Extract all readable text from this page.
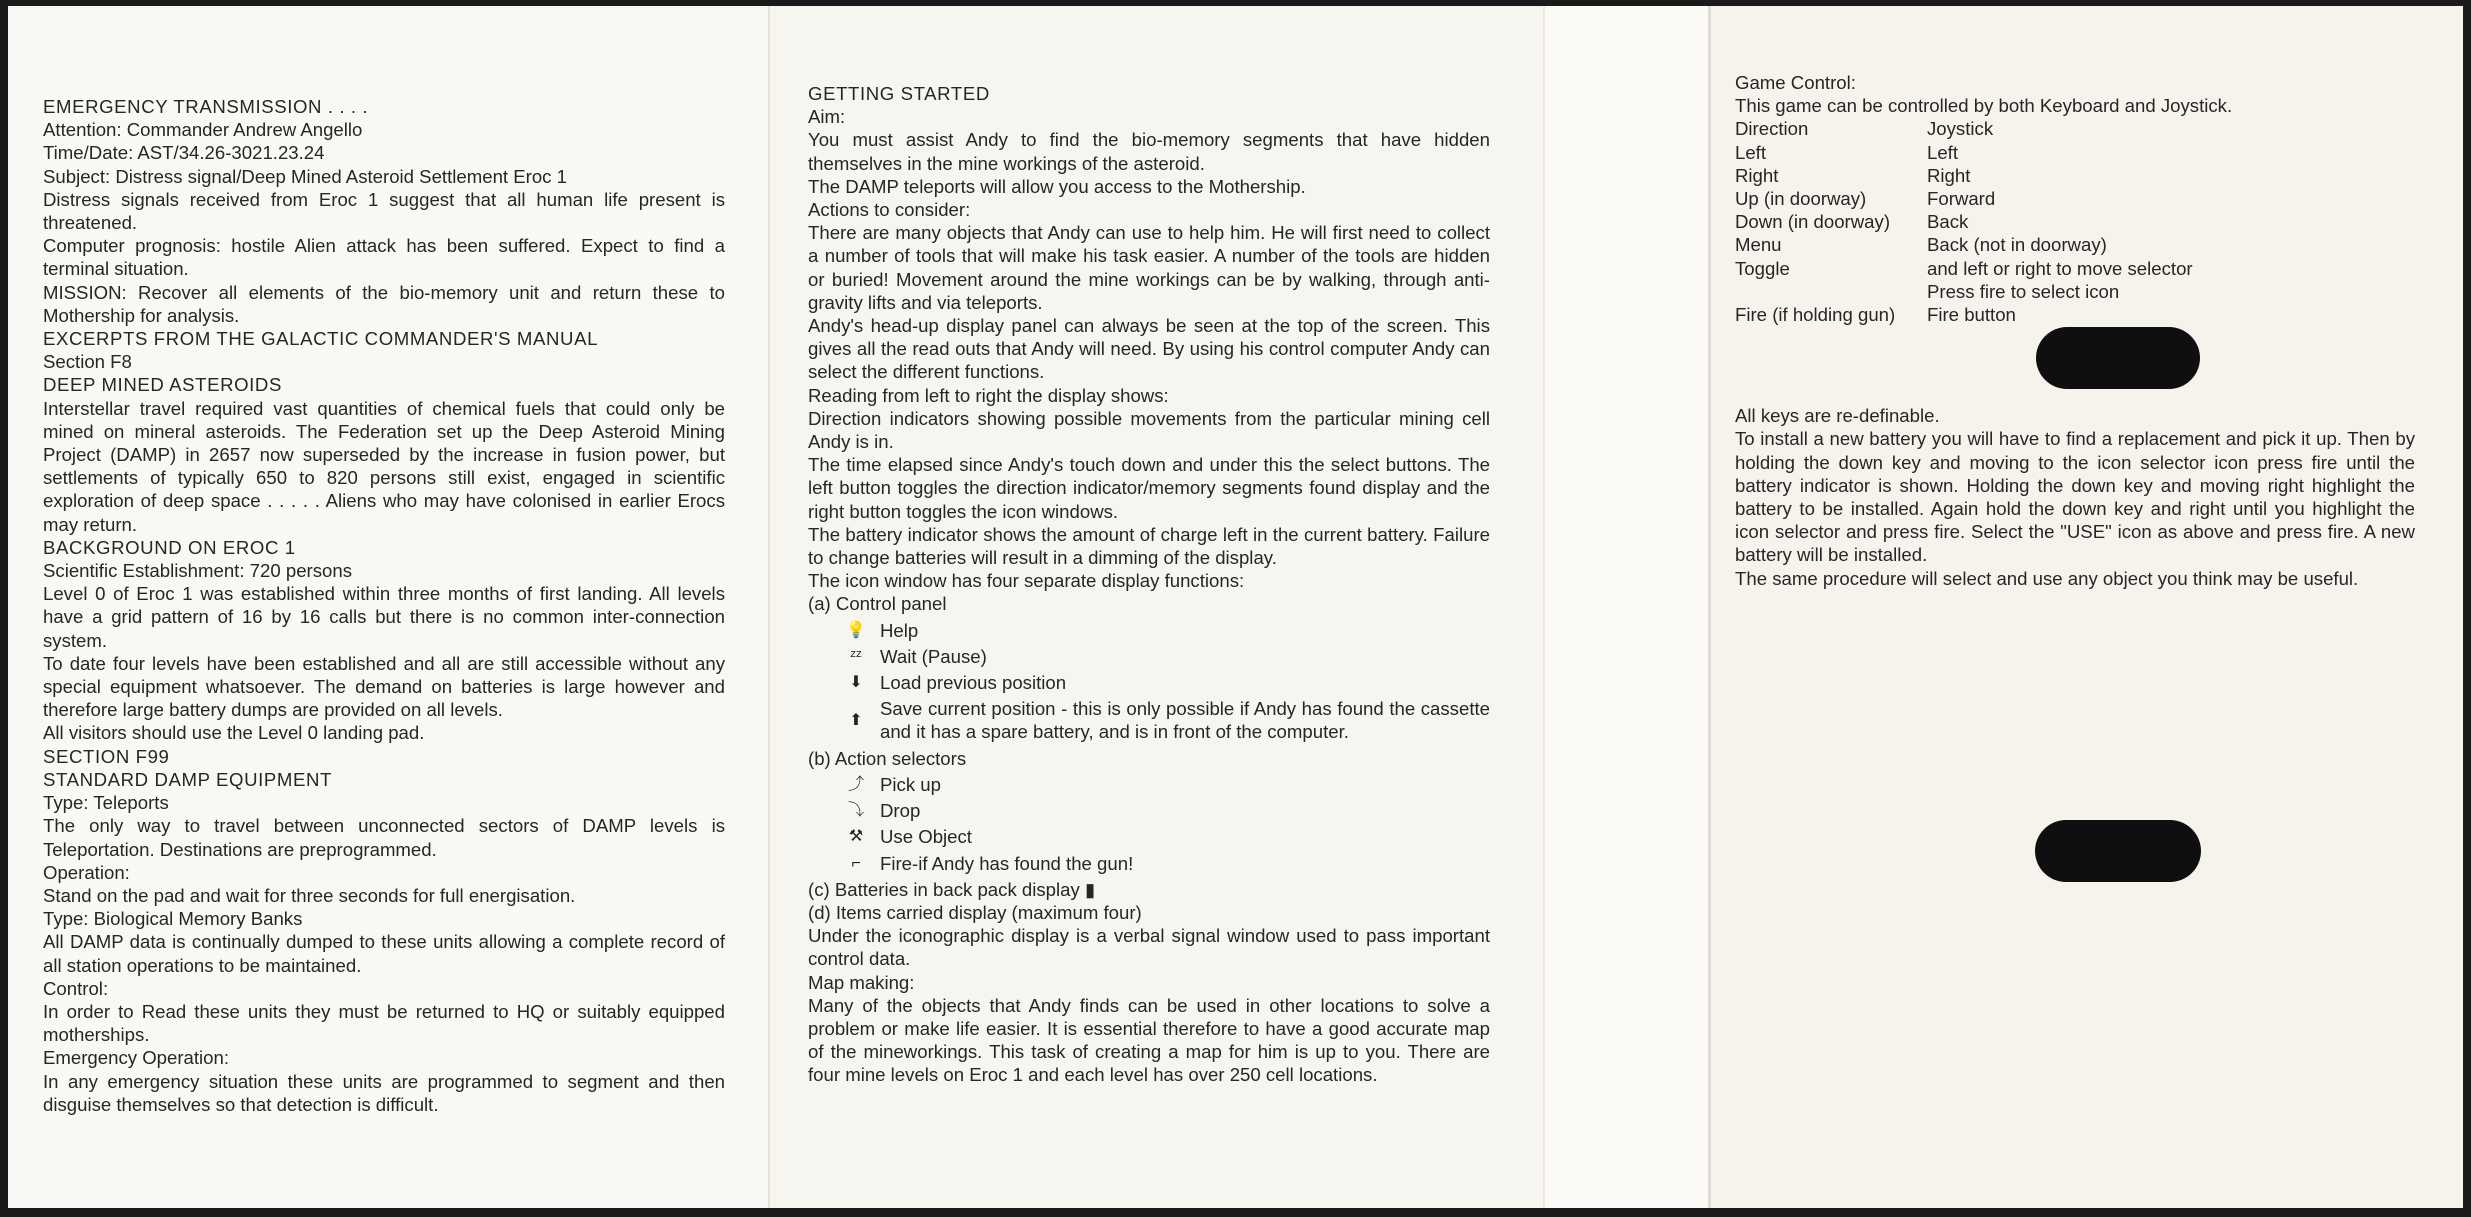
EMERGENCY TRANSMISSION . . . .
Attention: Commander Andrew Angello
Time/Date: AST/34.26-3021.23.24
Subject: Distress signal/Deep Mined Asteroid Settlement Eroc 1
Distress signals received from Eroc 1 suggest that all human life present is threatened.
Computer prognosis: hostile Alien attack has been suffered. Expect to find a terminal situation.
MISSION: Recover all elements of the bio-memory unit and return these to Mothership for analysis.
EXCERPTS FROM THE GALACTIC COMMANDER'S MANUAL
Section F8
DEEP MINED ASTEROIDS
Interstellar travel required vast quantities of chemical fuels that could only be mined on mineral asteroids. The Federation set up the Deep Asteroid Mining Project (DAMP) in 2657 now superseded by the increase in fusion power, but settlements of typically 650 to 820 persons still exist, engaged in scientific exploration of deep space . . . . . Aliens who may have colonised in earlier Erocs may return.
BACKGROUND ON EROC 1
Scientific Establishment: 720 persons
Level 0 of Eroc 1 was established within three months of first landing. All levels have a grid pattern of 16 by 16 calls but there is no common inter-connection system.
To date four levels have been established and all are still accessible without any special equipment whatsoever. The demand on batteries is large however and therefore large battery dumps are provided on all levels.
All visitors should use the Level 0 landing pad.
SECTION F99
STANDARD DAMP EQUIPMENT
Type: Teleports
The only way to travel between unconnected sectors of DAMP levels is Teleportation. Destinations are preprogrammed.
Operation:
Stand on the pad and wait for three seconds for full energisation.
Type: Biological Memory Banks
All DAMP data is continually dumped to these units allowing a complete record of all station operations to be maintained.
Control:
In order to Read these units they must be returned to HQ or suitably equipped motherships.
Emergency Operation:
In any emergency situation these units are programmed to segment and then disguise themselves so that detection is difficult.
GETTING STARTED
Aim:
You must assist Andy to find the bio-memory segments that have hidden themselves in the mine workings of the asteroid.
The DAMP teleports will allow you access to the Mothership.
Actions to consider:
There are many objects that Andy can use to help him. He will first need to collect a number of tools that will make his task easier. A number of the tools are hidden or buried! Movement around the mine workings can be by walking, through anti-gravity lifts and via teleports.
Andy's head-up display panel can always be seen at the top of the screen. This gives all the read outs that Andy will need. By using his control computer Andy can select the different functions.
Reading from left to right the display shows:
Direction indicators showing possible movements from the particular mining cell Andy is in.
The time elapsed since Andy's touch down and under this the select buttons. The left button toggles the direction indicator/memory segments found display and the right button toggles the icon windows.
The battery indicator shows the amount of charge left in the current battery. Failure to change batteries will result in a dimming of the display.
The icon window has four separate display functions:
(a) Control panel
💡 Help
ᶻᶻ Wait (Pause)
⬇ Load previous position
⬆
Save current position - this is only possible if Andy has found the cassette and it has a spare battery, and is in front of the computer.
(b) Action selectors
⤴ Pick up
⤵ Drop
⚒ Use Object
⌐	Fire-if Andy has found the gun!
(c) Batteries in back pack display ▮
(d) Items carried display (maximum four)
Under the iconographic display is a verbal signal window used to pass important control data.
Map making:
Many of the objects that Andy finds can be used in other locations to solve a problem or make life easier. It is essential therefore to have a good accurate map of the mineworkings. This task of creating a map for him is up to you. There are four mine levels on Eroc 1 and each level has over 250 cell locations.
Game Control:
This game can be controlled by both Keyboard and Joystick.
Direction	Joystick
Left	Left
Right	Right
Up (in doorway)	Forward
Down (in doorway)	Back
Menu	Back (not in doorway)
Toggle	and left or right to move selector
Press fire to select icon
Fire (if holding gun)	Fire button
All keys are re-definable.
To install a new battery you will have to find a replacement and pick it up. Then by holding the down key and moving to the icon selector icon press fire until the battery indicator is shown. Holding the down key and moving right highlight the battery to be installed. Again hold the down key and right until you highlight the icon selector and press fire. Select the "USE" icon as above and press fire. A new battery will be installed.
The same procedure will select and use any object you think may be useful.
